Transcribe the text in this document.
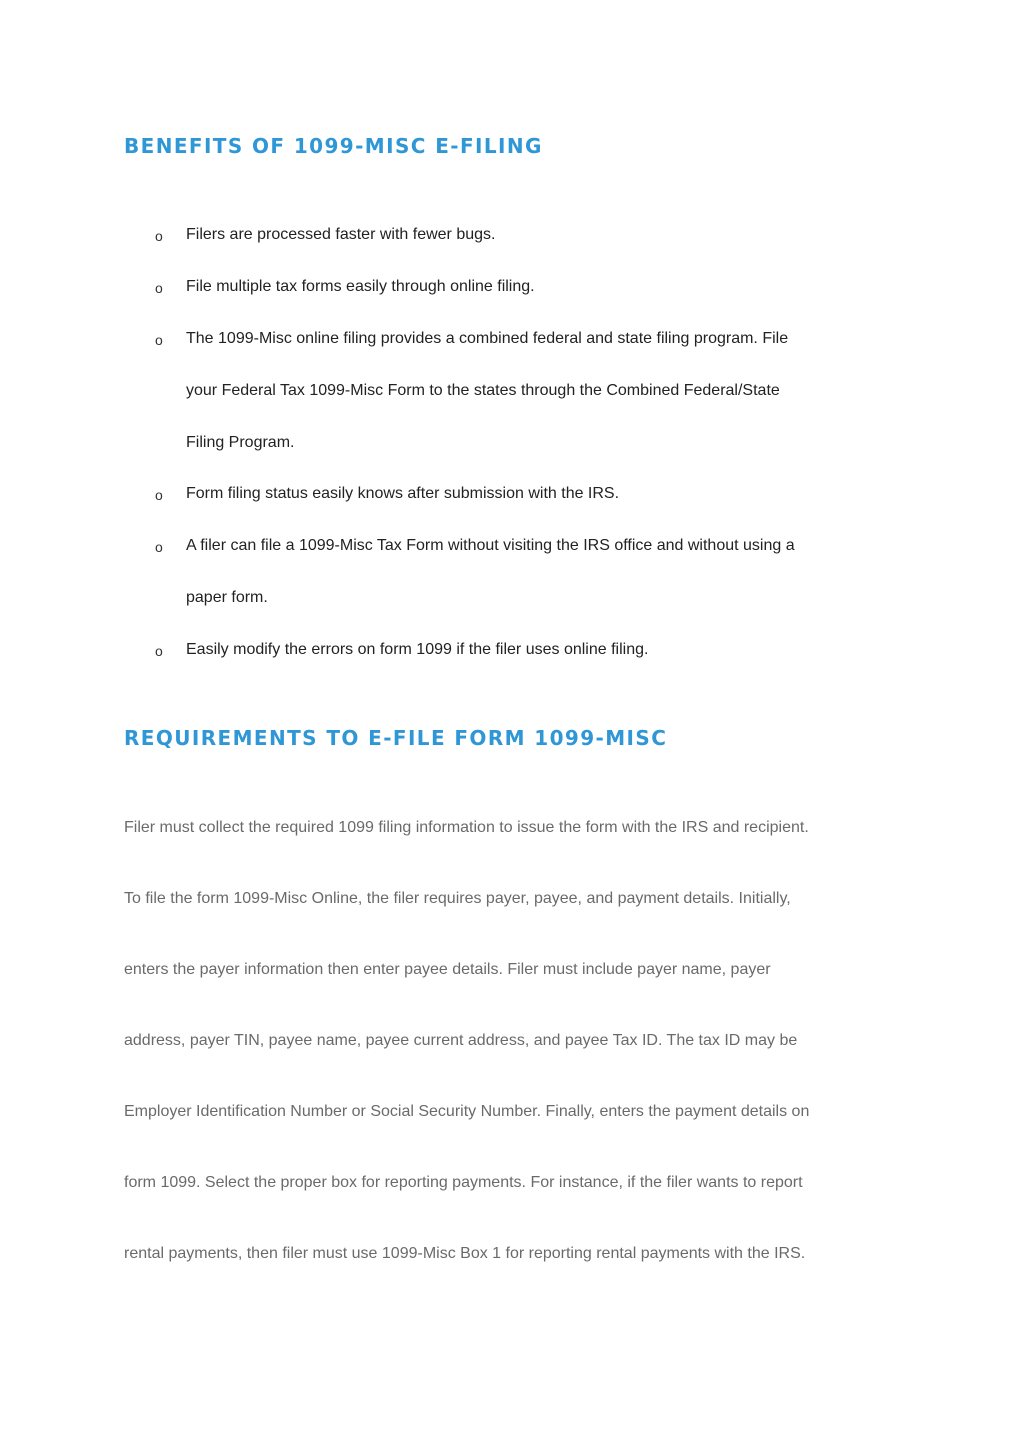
BENEFITS OF 1099-MISC E-FILING
o Filers are processed faster with fewer bugs.
o File multiple tax forms easily through online filing.
o The 1099-Misc online filing provides a combined federal and state filing program. File
your Federal Tax 1099-Misc Form to the states through the Combined Federal/State
Filing Program.
o Form filing status easily knows after submission with the IRS.
o A filer can file a 1099-Misc Tax Form without visiting the IRS office and without using a
paper form.
o Easily modify the errors on form 1099 if the filer uses online filing.
REQUIREMENTS TO E-FILE FORM 1099-MISC
Filer must collect the required 1099 filing information to issue the form with the IRS and recipient.
To file the form 1099-Misc Online, the filer requires payer, payee, and payment details. Initially,
enters the payer information then enter payee details. Filer must include payer name, payer
address, payer TIN, payee name, payee current address, and payee Tax ID. The tax ID may be
Employer Identification Number or Social Security Number. Finally, enters the payment details on
form 1099. Select the proper box for reporting payments. For instance, if the filer wants to report
rental payments, then filer must use 1099-Misc Box 1 for reporting rental payments with the IRS.
